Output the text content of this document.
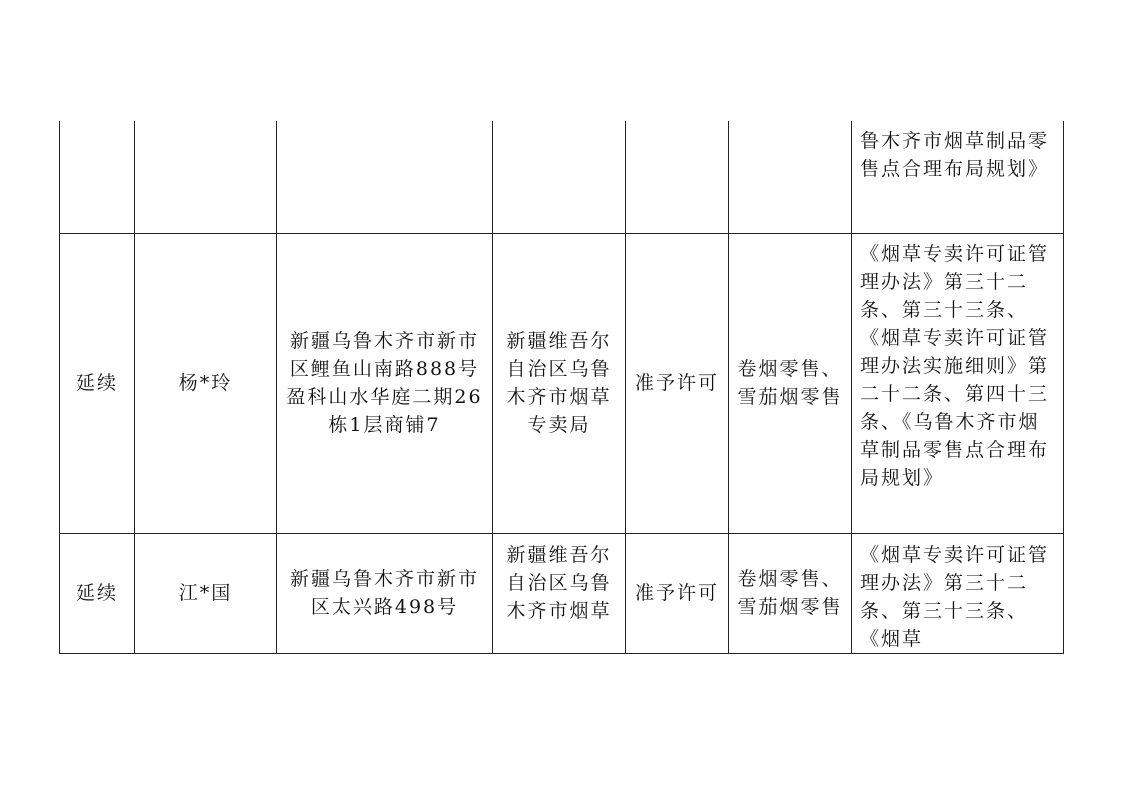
						鲁木齐市烟草制品零售点合理布局规划》
延续	杨*玲	新疆乌鲁木齐市新市区鲤鱼山南路888号盈科山水华庭二期26栋1层商铺7	新疆维吾尔自治区乌鲁木齐市烟草专卖局	准予许可	卷烟零售、雪茄烟零售	《烟草专卖许可证管理办法》第三十二条、第三十三条、《烟草专卖许可证管理办法实施细则》第二十二条、第四十三条、《乌鲁木齐市烟草制品零售点合理布局规划》
延续	江*国	新疆乌鲁木齐市新市区太兴路498号	新疆维吾尔自治区乌鲁木齐市烟草	准予许可	卷烟零售、雪茄烟零售	《烟草专卖许可证管理办法》第三十二条、第三十三条、《烟草
